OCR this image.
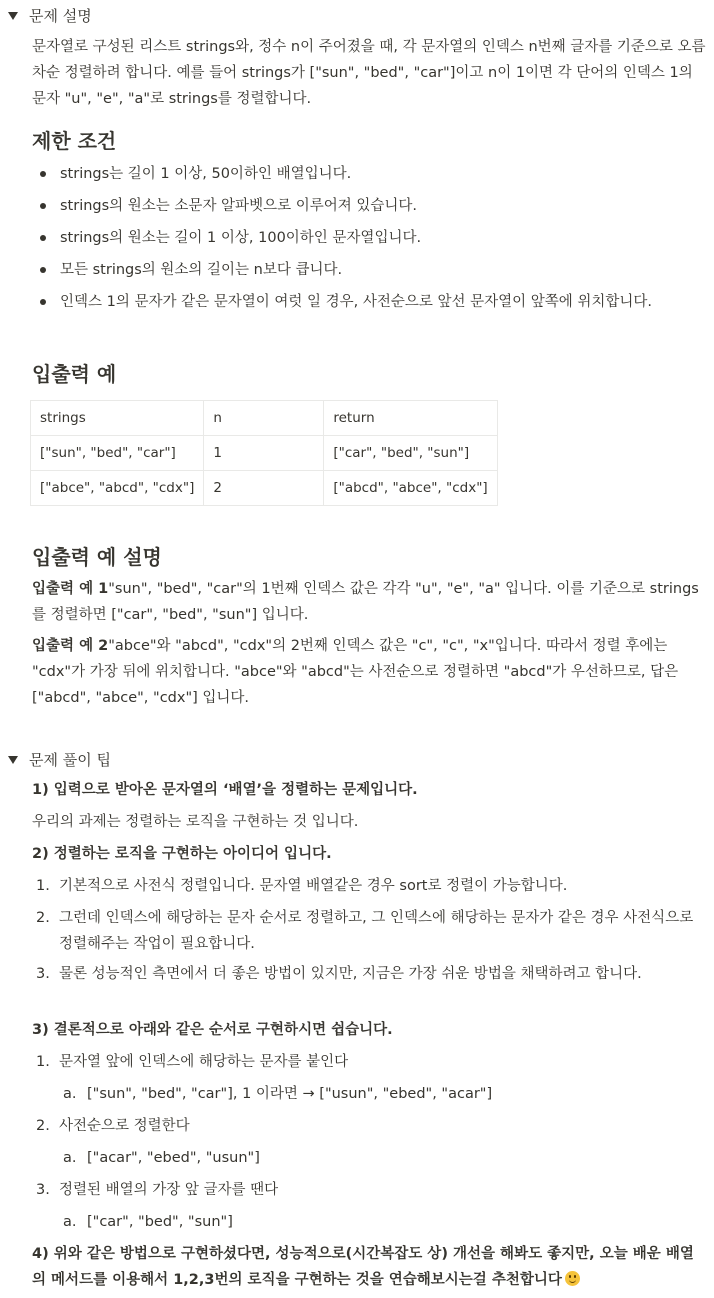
문제 설명
문자열로 구성된 리스트 strings와, 정수 n이 주어졌을 때, 각 문자열의 인덱스 n번째 글자를 기준으로 오름차순 정렬하려 합니다. 예를 들어 strings가 ["sun", "bed", "car"]이고 n이 1이면 각 단어의 인덱스 1의 문자 "u", "e", "a"로 strings를 정렬합니다.
제한 조건
strings는 길이 1 이상, 50이하인 배열입니다.
strings의 원소는 소문자 알파벳으로 이루어져 있습니다.
strings의 원소는 길이 1 이상, 100이하인 문자열입니다.
모든 strings의 원소의 길이는 n보다 큽니다.
인덱스 1의 문자가 같은 문자열이 여럿 일 경우, 사전순으로 앞선 문자열이 앞쪽에 위치합니다.
입출력 예
strings	n	return
["sun", "bed", "car"]	1	["car", "bed", "sun"]
["abce", "abcd", "cdx"]	2	["abcd", "abce", "cdx"]
입출력 예 설명
입출력 예 1"sun", "bed", "car"의 1번째 인덱스 값은 각각 "u", "e", "a" 입니다. 이를 기준으로 strings를 정렬하면 ["car", "bed", "sun"] 입니다.
입출력 예 2"abce"와 "abcd", "cdx"의 2번째 인덱스 값은 "c", "c", "x"입니다. 따라서 정렬 후에는 "cdx"가 가장 뒤에 위치합니다. "abce"와 "abcd"는 사전순으로 정렬하면 "abcd"가 우선하므로, 답은 ["abcd", "abce", "cdx"] 입니다.
문제 풀이 팁
1) 입력으로 받아온 문자열의 ‘배열’을 정렬하는 문제입니다.
우리의 과제는 정렬하는 로직을 구현하는 것 입니다.
2) 정렬하는 로직을 구현하는 아이디어 입니다.
1. 기본적으로 사전식 정렬입니다. 문자열 배열같은 경우 sort로 정렬이 가능합니다.
2. 그런데 인덱스에 해당하는 문자 순서로 정렬하고, 그 인덱스에 해당하는 문자가 같은 경우 사전식으로 정렬해주는 작업이 필요합니다.
3. 물론 성능적인 측면에서 더 좋은 방법이 있지만, 지금은 가장 쉬운 방법을 채택하려고 합니다.
3) 결론적으로 아래와 같은 순서로 구현하시면 쉽습니다.
1. 문자열 앞에 인덱스에 해당하는 문자를 붙인다
a. ["sun", "bed", "car"], 1 이라면 → ["usun", "ebed", "acar"]
2. 사전순으로 정렬한다
a. ["acar", "ebed", "usun"]
3. 정렬된 배열의 가장 앞 글자를 땐다
a. ["car", "bed", "sun"]
4) 위와 같은 방법으로 구현하셨다면, 성능적으로(시간복잡도 상) 개선을 해봐도 좋지만, 오늘 배운 배열의 메서드를 이용해서 1,2,3번의 로직을 구현하는 것을 연습해보시는걸 추천합니다
